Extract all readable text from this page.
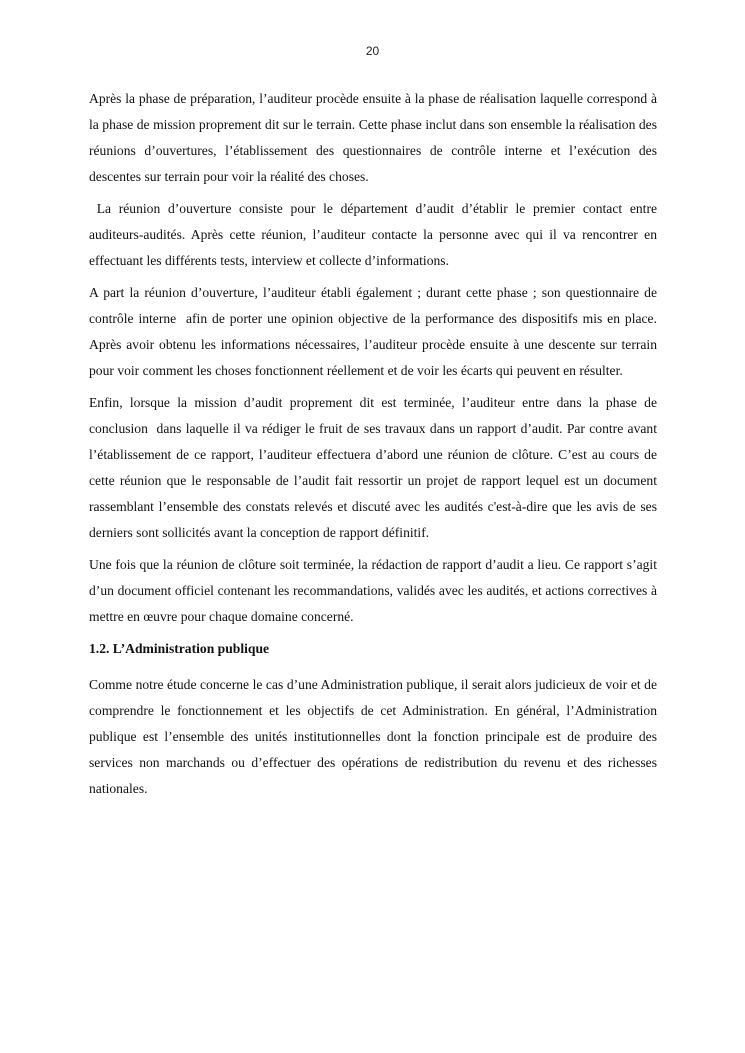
20

Après la phase de préparation, l’auditeur procède ensuite à la phase de réalisation laquelle correspond à la phase de mission proprement dit sur le terrain. Cette phase inclut dans son ensemble la réalisation des réunions d’ouvertures, l’établissement des questionnaires de contrôle interne et l’exécution des descentes sur terrain pour voir la réalité des choses.

La réunion d’ouverture consiste pour le département d’audit d’établir le premier contact entre auditeurs-audités. Après cette réunion, l’auditeur contacte la personne avec qui il va rencontrer en effectuant les différents tests, interview et collecte d’informations.

A part la réunion d’ouverture, l’auditeur établi également ; durant cette phase ; son questionnaire de contrôle interne  afin de porter une opinion objective de la performance des dispositifs mis en place. Après avoir obtenu les informations nécessaires, l’auditeur procède ensuite à une descente sur terrain pour voir comment les choses fonctionnent réellement et de voir les écarts qui peuvent en résulter.

Enfin, lorsque la mission d’audit proprement dit est terminée, l’auditeur entre dans la phase de conclusion  dans laquelle il va rédiger le fruit de ses travaux dans un rapport d’audit. Par contre avant l’établissement de ce rapport, l’auditeur effectuera d’abord une réunion de clôture. C’est au cours de cette réunion que le responsable de l’audit fait ressortir un projet de rapport lequel est un document rassemblant l’ensemble des constats relevés et discuté avec les audités c'est-à-dire que les avis de ses derniers sont sollicités avant la conception de rapport définitif.

Une fois que la réunion de clôture soit terminée, la rédaction de rapport d’audit a lieu. Ce rapport s’agit d’un document officiel contenant les recommandations, validés avec les audités, et actions correctives à mettre en œuvre pour chaque domaine concerné.

1.2. L’Administration publique

Comme notre étude concerne le cas d’une Administration publique, il serait alors judicieux de voir et de comprendre le fonctionnement et les objectifs de cet Administration. En général, l’Administration publique est l’ensemble des unités institutionnelles dont la fonction principale est de produire des services non marchands ou d’effectuer des opérations de redistribution du revenu et des richesses nationales.
